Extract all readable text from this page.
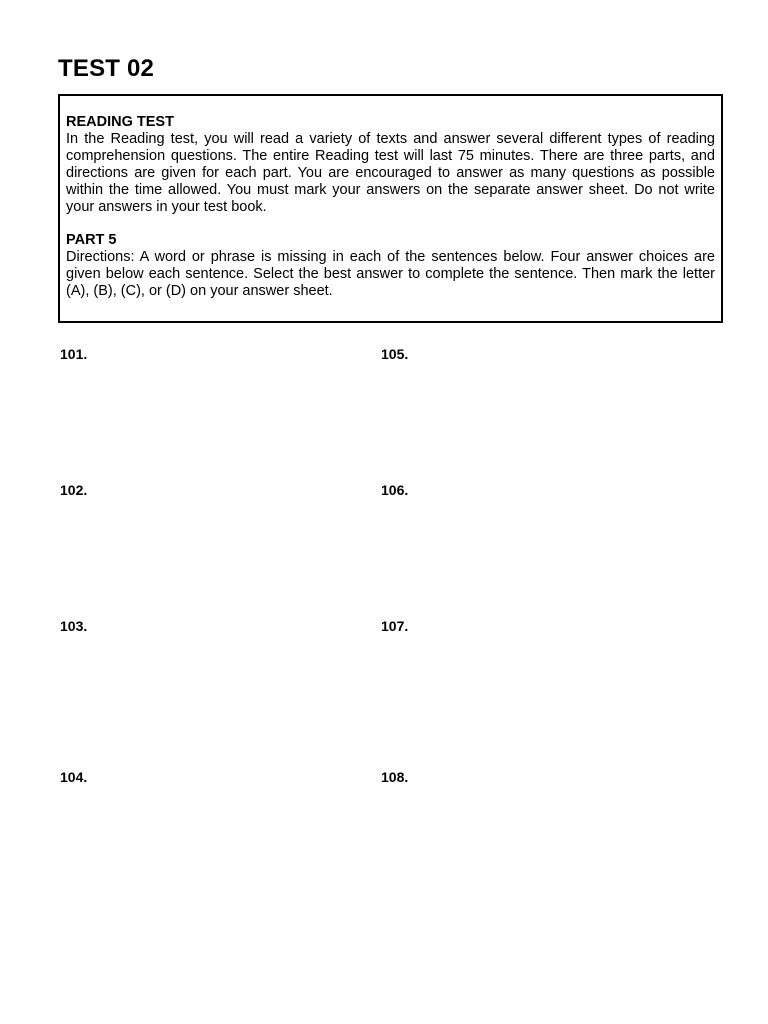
TEST 02

READING TEST

In the Reading test, you will read a variety of texts and answer several different types of reading comprehension questions. The entire Reading test will last 75 minutes. There are three parts, and directions are given for each part. You are encouraged to answer as many questions as possible within the time allowed. You must mark your answers on the separate answer sheet. Do not write your answers in your test book.

PART 5

Directions: A word or phrase is missing in each of the sentences below. Four answer choices are given below each sentence. Select the best answer to complete the sentence. Then mark the letter (A), (B), (C), or (D) on your answer sheet.

101.
102.
103.
104.
105.
106.
107.
108.
